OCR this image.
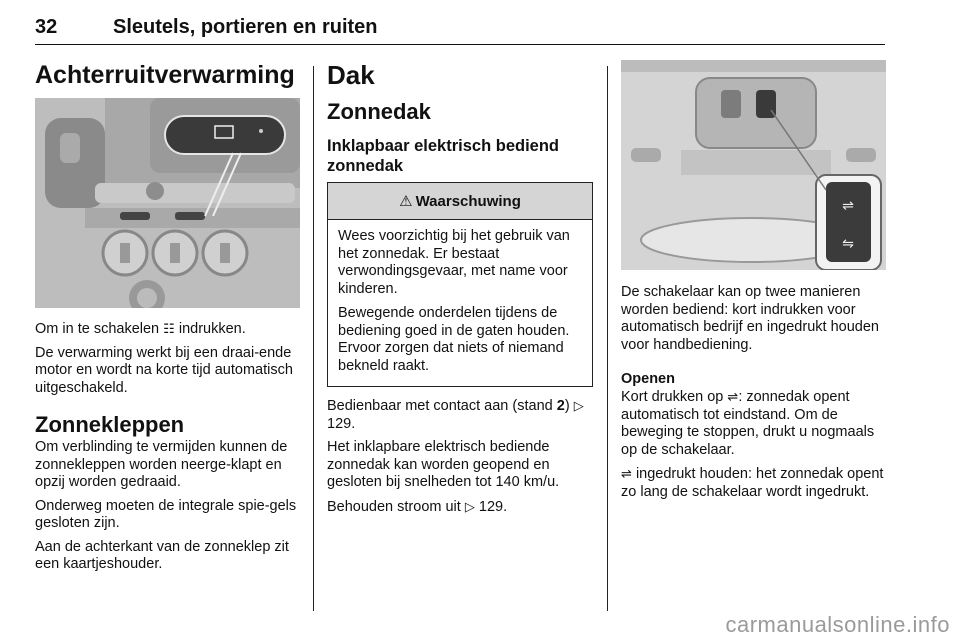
32	Sleutels, portieren en ruiten
Achterruitverwarming

Om in te schakelen ☷ indrukken.

De verwarming werkt bij een draai-ende motor en wordt na korte tijd automatisch uitgeschakeld.

Zonnekleppen

Om verblinding te vermijden kunnen de zonnekleppen worden neerge-klapt en opzij worden gedraaid.

Onderweg moeten de integrale spie-gels gesloten zijn.

Aan de achterkant van de zonneklep zit een kaartjeshouder.

Dak
Zonnedak
Inklapbaar elektrisch bediend zonnedak
⚠ Waarschuwing

Wees voorzichtig bij het gebruik van het zonnedak. Er bestaat verwondingsgevaar, met name voor kinderen.

Bewegende onderdelen tijdens de bediening goed in de gaten houden. Ervoor zorgen dat niets of niemand bekneld raakt.

Bedienbaar met contact aan (stand 2) ▷ 129.

Het inklapbare elektrisch bediende zonnedak kan worden geopend en gesloten bij snelheden tot 140 km/u.

Behouden stroom uit ▷ 129.

⇌
⇋

De schakelaar kan op twee manieren worden bediend: kort indrukken voor automatisch bedrijf en ingedrukt houden voor handbediening.

Openen

Kort drukken op ⇌: zonnedak opent automatisch tot eindstand. Om de beweging te stoppen, drukt u nogmaals op de schakelaar.

⇌ ingedrukt houden: het zonnedak opent zo lang de schakelaar wordt ingedrukt.

carmanualsonline.info
